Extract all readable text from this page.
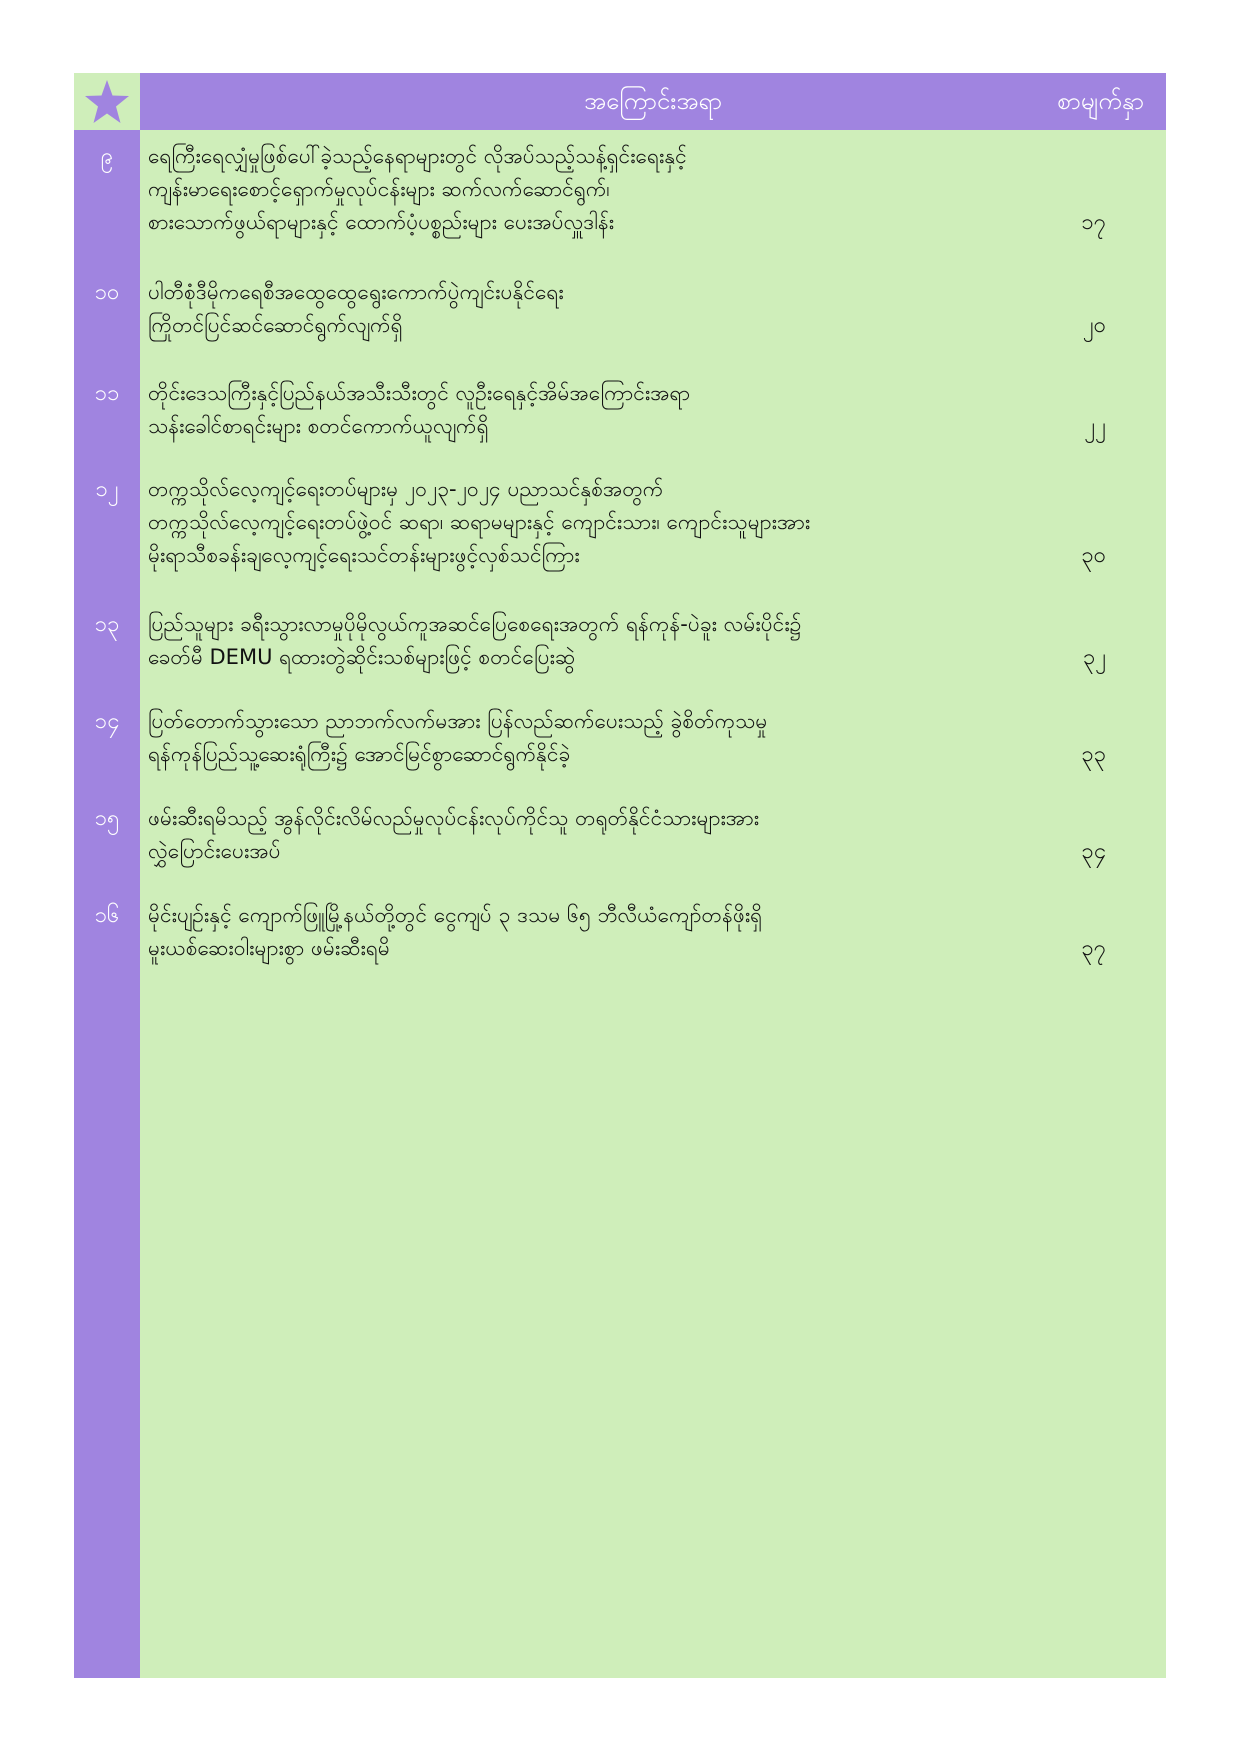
အကြောင်းအရာ	စာမျက်နှာ
၉	ရေကြီးရေလျှံမှုဖြစ်ပေါ်ခဲ့သည့်နေရာများတွင် လိုအပ်သည့်သန့်ရှင်းရေးနှင့်
ကျန်းမာရေးစောင့်ရှောက်မှုလုပ်ငန်းများ ဆက်လက်ဆောင်ရွက်၊
စားသောက်ဖွယ်ရာများနှင့် ထောက်ပံ့ပစ္စည်းများ ပေးအပ်လှူဒါန်း	၁၇
၁၀	ပါတီစုံဒီမိုကရေစီအထွေထွေရွေးကောက်ပွဲကျင်းပနိုင်ရေး
ကြိုတင်ပြင်ဆင်ဆောင်ရွက်လျက်ရှိ	၂၀
၁၁	တိုင်းဒေသကြီးနှင့်ပြည်နယ်အသီးသီးတွင် လူဦးရေနှင့်အိမ်အကြောင်းအရာ
သန်းခေါင်စာရင်းများ စတင်ကောက်ယူလျက်ရှိ	၂၂
၁၂	တက္ကသိုလ်လေ့ကျင့်ရေးတပ်များမှ ၂၀၂၃-၂၀၂၄ ပညာသင်နှစ်အတွက်
တက္ကသိုလ်လေ့ကျင့်ရေးတပ်ဖွဲ့ဝင် ဆရာ၊ ဆရာမများနှင့် ကျောင်းသား၊ ကျောင်းသူများအား
မိုးရာသီစခန်းချလေ့ကျင့်ရေးသင်တန်းများဖွင့်လှစ်သင်ကြား	၃၀
၁၃	ပြည်သူများ ခရီးသွားလာမှုပိုမိုလွယ်ကူအဆင်ပြေစေရေးအတွက် ရန်ကုန်-ပဲခူး လမ်းပိုင်း၌
ခေတ်မီ DEMU ရထားတွဲဆိုင်းသစ်များဖြင့် စတင်ပြေးဆွဲ	၃၂
၁၄	ပြတ်တောက်သွားသော ညာဘက်လက်မအား ပြန်လည်ဆက်ပေးသည့် ခွဲစိတ်ကုသမှု
ရန်ကုန်ပြည်သူ့ဆေးရုံကြီး၌ အောင်မြင်စွာဆောင်ရွက်နိုင်ခဲ့	၃၃
၁၅	ဖမ်းဆီးရမိသည့် အွန်လိုင်းလိမ်လည်မှုလုပ်ငန်းလုပ်ကိုင်သူ တရုတ်နိုင်ငံသားများအား
လွှဲပြောင်းပေးအပ်	၃၄
၁၆	မိုင်းပျဉ်းနှင့် ကျောက်ဖြူမြို့နယ်တို့တွင် ငွေကျပ် ၃ ဒသမ ၆၅ ဘီလီယံကျော်တန်ဖိုးရှိ
မူးယစ်ဆေးဝါးများစွာ ဖမ်းဆီးရမိ	၃၇
